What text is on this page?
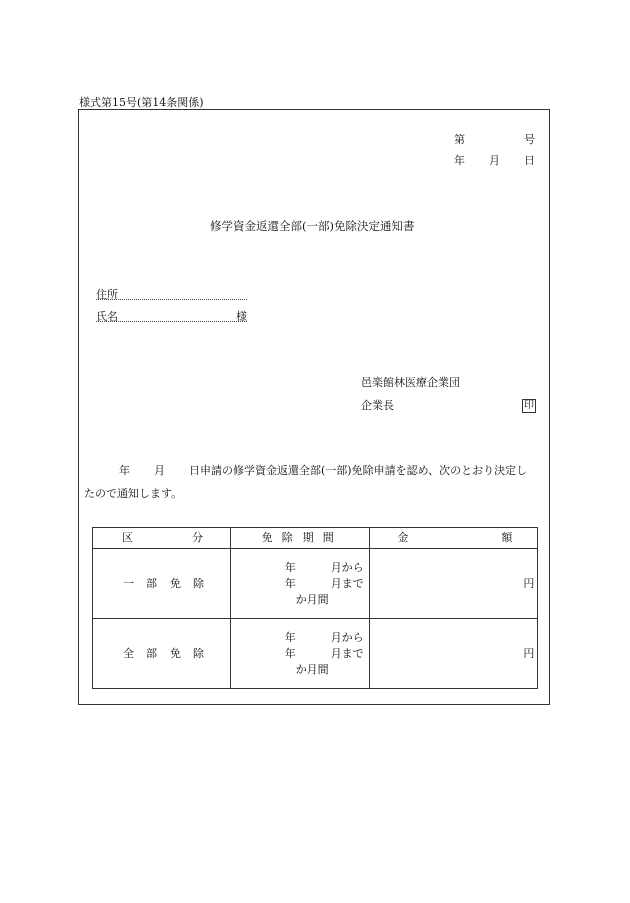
様式第15号(第14条関係)
第	号
年 月 日
修学資金返還全部(一部)免除決定通知書
住所
氏名	様
邑楽館林医療企業団
企業長	印
年 月 日申請の修学資金返還全部(一部)免除申請を認め、次のとおり決定し
たので通知します。
区 分	免 除 期 間	金 額

一 部 免 除	年 月から
年 月まで
か月間	円

全 部 免 除	年 月から
年 月まで
か月間	円
